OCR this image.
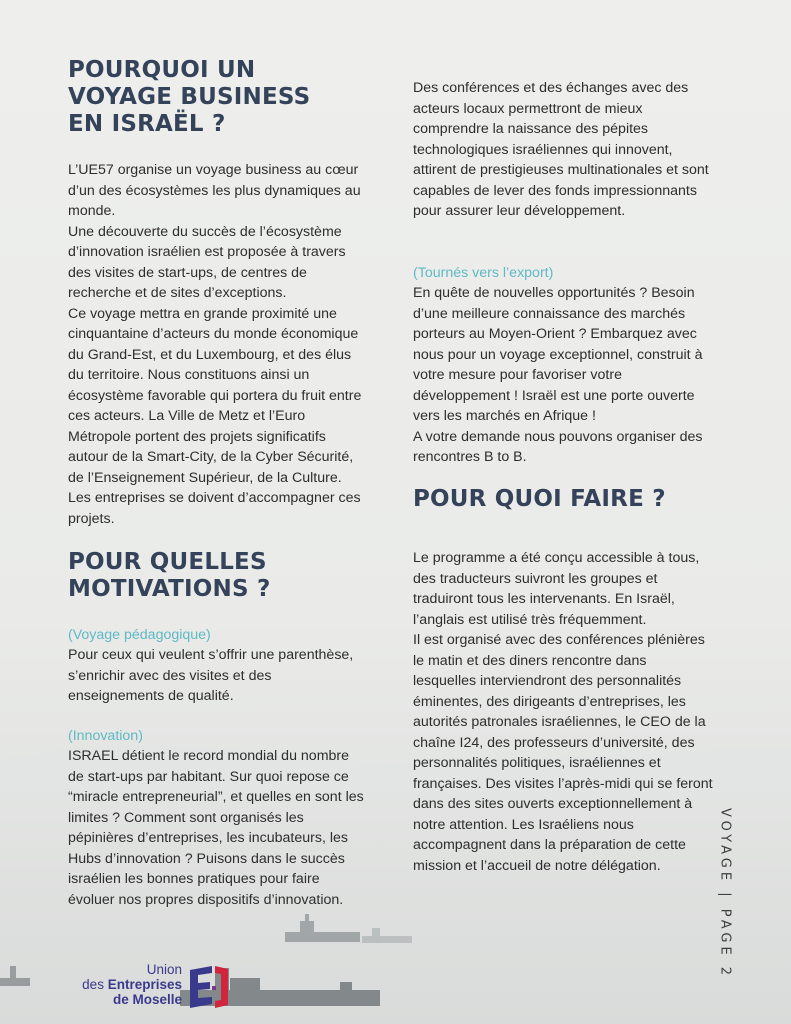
POURQUOI UN VOYAGE BUSINESS EN ISRAËL ?

L’UE57 organise un voyage business au cœur d’un des écosystèmes les plus dynamiques au monde.
Une découverte du succès de l’écosystème d’innovation israélien est proposée à travers des visites de start-ups, de centres de recherche et de sites d’exceptions.
Ce voyage mettra en grande proximité une cinquantaine d’acteurs du monde économique du Grand-Est, et du Luxembourg, et des élus du territoire. Nous constituons ainsi un écosystème favorable qui portera du fruit entre ces acteurs. La Ville de Metz et l’Euro Métropole portent des projets significatifs autour de la Smart-City, de la Cyber Sécurité, de l’Enseignement Supérieur, de la Culture. Les entreprises se doivent d’accompagner ces projets.

POUR QUELLES MOTIVATIONS ?

(Voyage pédagogique)

Pour ceux qui veulent s’offrir une parenthèse, s’enrichir avec des visites et des enseignements de qualité.

(Innovation)

ISRAEL détient le record mondial du nombre de start-ups par habitant. Sur quoi repose ce “miracle entrepreneurial”, et quelles en sont les limites ? Comment sont organisés les pépinières d’entreprises, les incubateurs, les Hubs d’innovation ? Puisons dans le succès israélien les bonnes pratiques pour faire évoluer nos propres dispositifs d’innovation.

Des conférences et des échanges avec des acteurs locaux permettront de mieux comprendre la naissance des pépites technologiques israéliennes qui innovent, attirent de prestigieuses multinationales et sont capables de lever des fonds impressionnants pour assurer leur développement.

(Tournés vers l’export)

En quête de nouvelles opportunités ? Besoin d’une meilleure connaissance des marchés porteurs au Moyen-Orient ? Embarquez avec nous pour un voyage exceptionnel, construit à votre mesure pour favoriser votre développement ! Israël est une porte ouverte vers les marchés en Afrique !
A votre demande nous pouvons organiser des rencontres B to B.

POUR QUOI FAIRE ?

Le programme a été conçu accessible à tous, des traducteurs suivront les groupes et traduiront tous les intervenants. En Israël, l’anglais est utilisé très fréquemment.
Il est organisé avec des conférences plénières le matin et des diners rencontre dans lesquelles interviendront des personnalités éminentes, des dirigeants d’entreprises, les autorités patronales israéliennes, le CEO de la chaîne I24, des professeurs d’université, des personnalités politiques, israéliennes et françaises. Des visites l’après-midi qui se feront dans des sites ouverts exceptionnellement à notre attention. Les Israéliens nous accompagnent dans la préparation de cette mission et l’accueil de notre délégation.	VOYAGE | PAGE 2
Union
des Entreprises
de Moselle
